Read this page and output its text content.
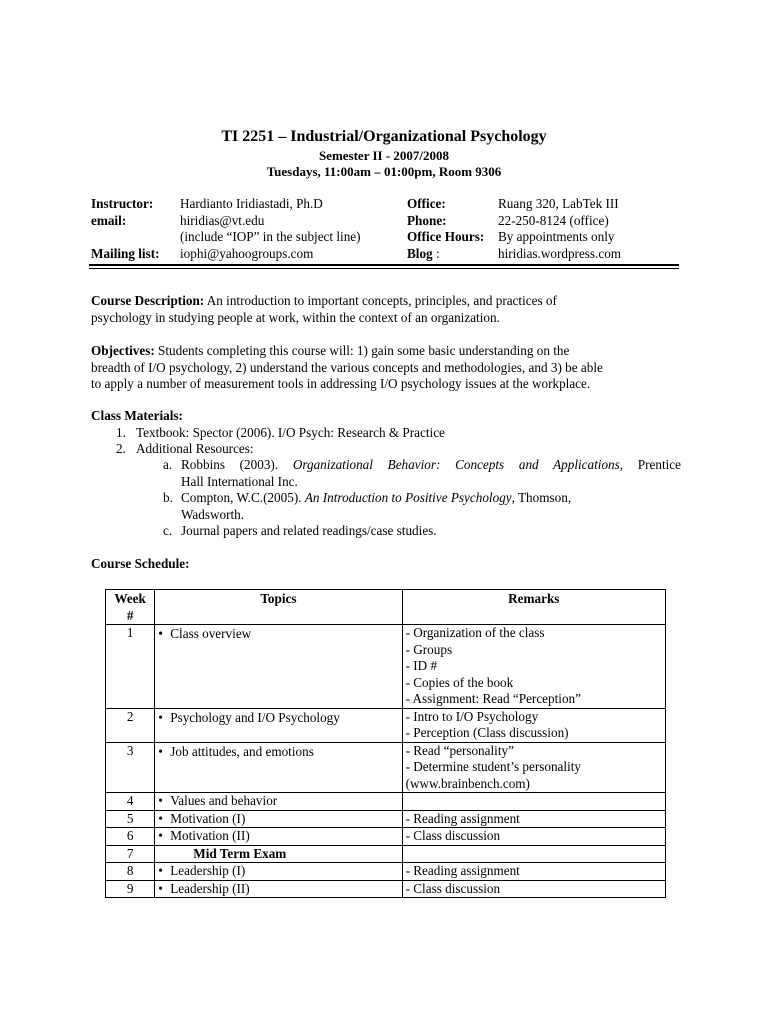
TI 2251 – Industrial/Organizational Psychology
Semester II - 2007/2008
Tuesdays, 11:00am – 01:00pm, Room 9306
Instructor: Hardianto Iridiastadi, Ph.D
email:	hiridias@vt.edu
(include “IOP” in the subject line)
Mailing list: iophi@yahoogroups.com
Office:	Ruang 320, LabTek III
Phone:	22-250-8124 (office)
Office Hours: By appointments only
Blog :	hiridias.wordpress.com
Course Description: An introduction to important concepts, principles, and practices of
psychology in studying people at work, within the context of an organization.
Objectives: Students completing this course will: 1) gain some basic understanding on the
breadth of I/O psychology, 2) understand the various concepts and methodologies, and 3) be able
to apply a number of measurement tools in addressing I/O psychology issues at the workplace.
Class Materials:
1. Textbook: Spector (2006). I/O Psych: Research & Practice
2. Additional Resources:
a. Robbins (2003). Organizational Behavior: Concepts and Applications, Prentice
Hall International Inc.
b. Compton, W.C.(2005). An Introduction to Positive Psychology, Thomson,
Wadsworth.
c. Journal papers and related readings/case studies.
Course Schedule:
Week
#	Topics	Remarks
1	• Class overview	- Organization of the class
- Groups
- ID #
- Copies of the book
- Assignment: Read “Perception”

2	• Psychology and I/O Psychology	- Intro to I/O Psychology
- Perception (Class discussion)

3	• Job attitudes, and emotions	- Read “personality”
- Determine student’s personality
(www.brainbench.com)

4	• Values and behavior	
5	• Motivation (I)	- Reading assignment

6	• Motivation (II)	- Class discussion

7	Mid Term Exam	
8	• Leadership (I)	- Reading assignment

9	• Leadership (II)	- Class discussion
